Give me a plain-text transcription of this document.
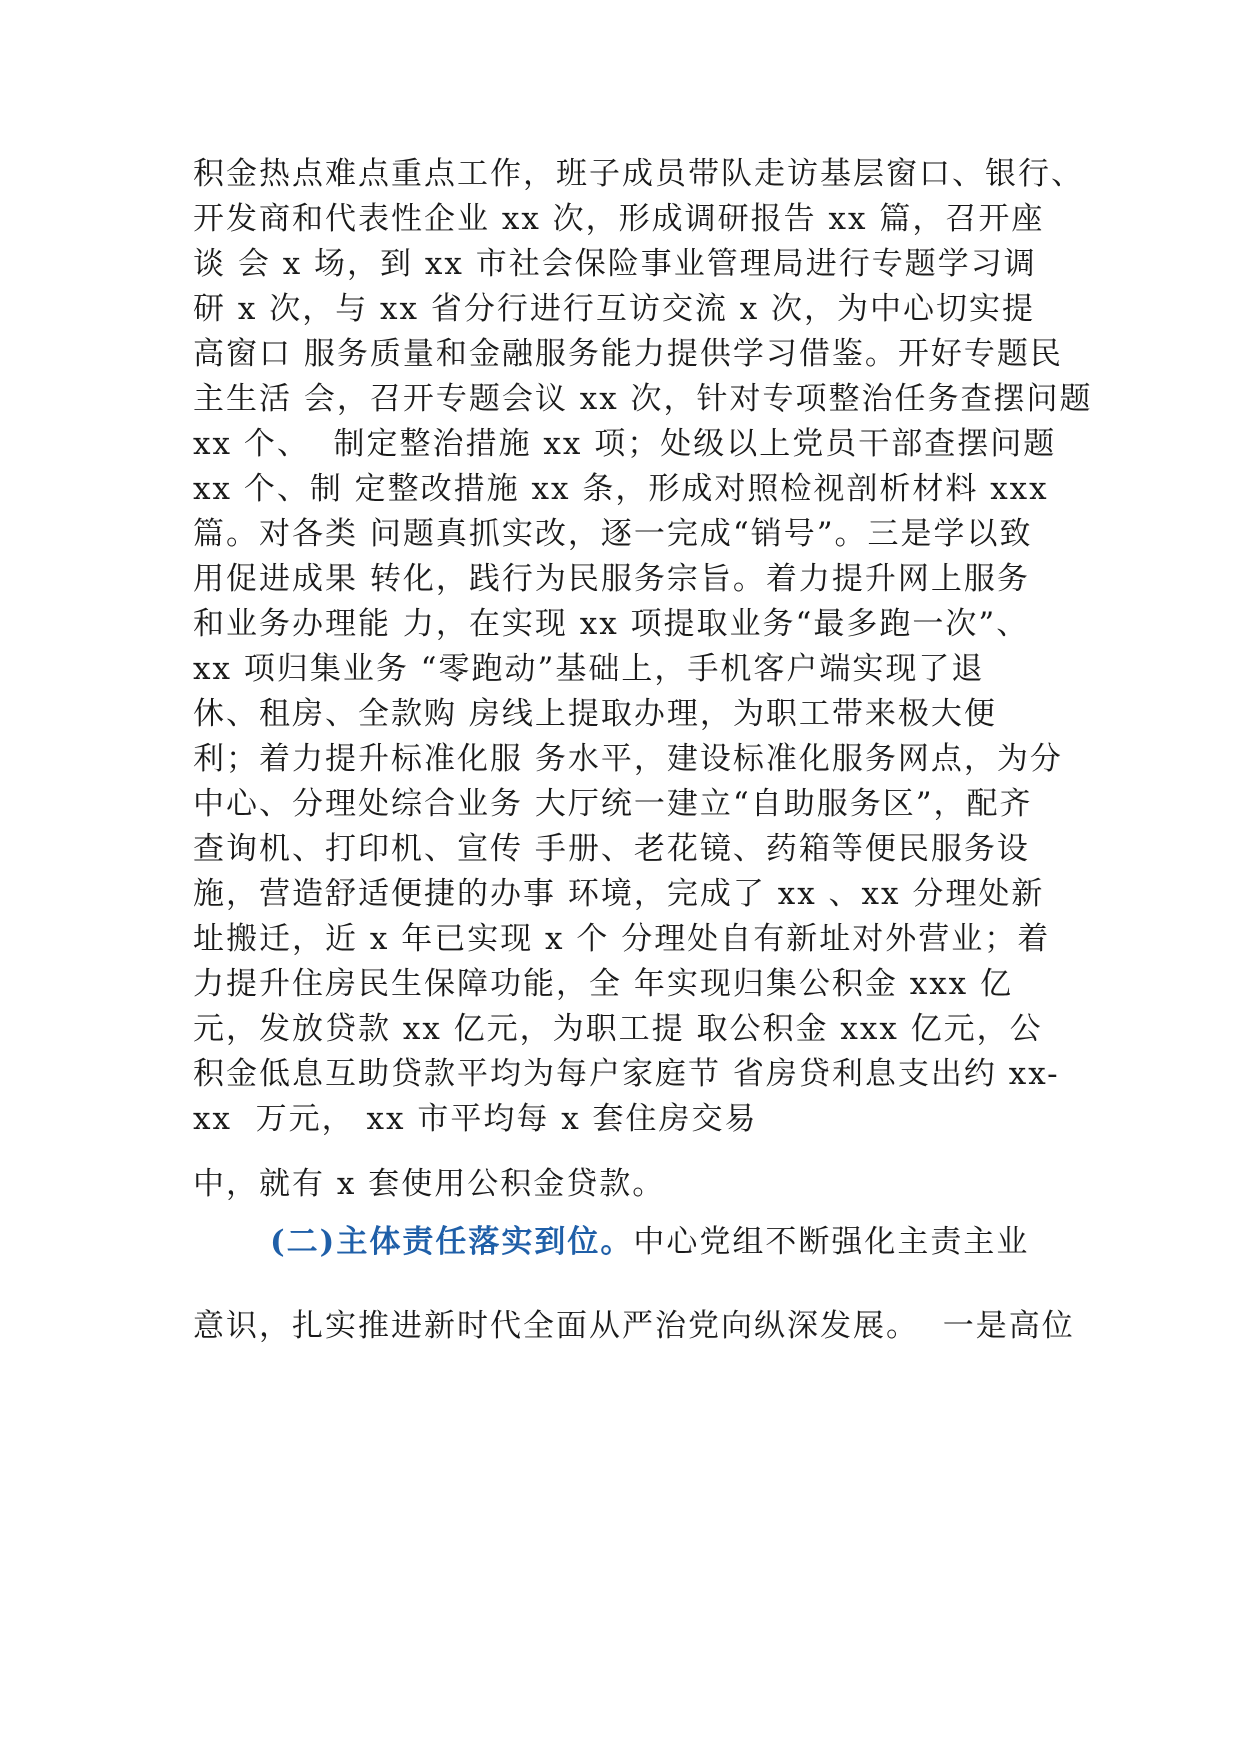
积金热点难点重点工作，班子成员带队走访基层窗口、银行、
开发商和代表性企业 xx 次，形成调研报告 xx 篇，召开座
谈 会 x 场，到 xx 市社会保险事业管理局进行专题学习调
研 x 次，与 xx 省分行进行互访交流 x 次，为中心切实提
高窗口 服务质量和金融服务能力提供学习借鉴。开好专题民
主生活 会，召开专题会议 xx 次，针对专项整治任务查摆问题
xx 个、  制定整治措施 xx 项；处级以上党员干部查摆问题
xx 个、制 定整改措施 xx 条，形成对照检视剖析材料 xxx
篇。对各类 问题真抓实改，逐一完成“销号”。三是学以致
用促进成果 转化，践行为民服务宗旨。着力提升网上服务
和业务办理能 力，在实现 xx 项提取业务“最多跑一次”、
xx 项归集业务 “零跑动”基础上，手机客户端实现了退
休、租房、全款购 房线上提取办理，为职工带来极大便
利；着力提升标准化服 务水平，建设标准化服务网点，为分
中心、分理处综合业务 大厅统一建立“自助服务区”，配齐
查询机、打印机、宣传 手册、老花镜、药箱等便民服务设
施，营造舒适便捷的办事 环境，完成了 xx 、xx 分理处新
址搬迁，近 x 年已实现 x 个 分理处自有新址对外营业；着
力提升住房民生保障功能，全 年实现归集公积金 xxx 亿
元，发放贷款 xx 亿元，为职工提 取公积金 xxx 亿元，公
积金低息互助贷款平均为每户家庭节 省房贷利息支出约 xx-
xx  万元， xx 市平均每 x 套住房交易
中，就有 x 套使用公积金贷款。
(二)主体责任落实到位。中心党组不断强化主责主业
意识，扎实推进新时代全面从严治党向纵深发展。  一是高位
